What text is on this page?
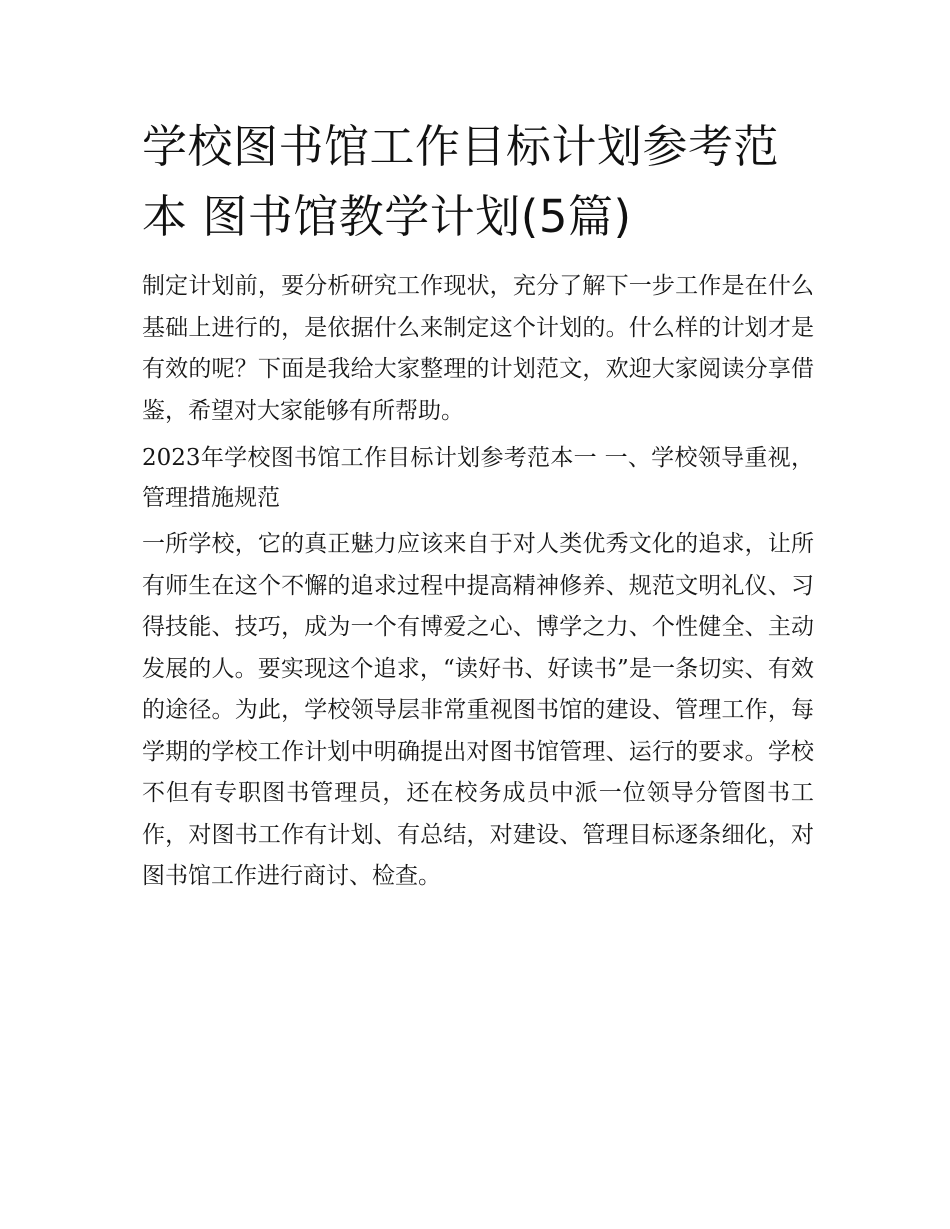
学校图书馆工作目标计划参考范本 图书馆教学计划(5篇)

制定计划前，要分析研究工作现状，充分了解下一步工作是在什么基础上进行的，是依据什么来制定这个计划的。什么样的计划才是有效的呢？下面是我给大家整理的计划范文，欢迎大家阅读分享借鉴，希望对大家能够有所帮助。

2023年学校图书馆工作目标计划参考范本一 一、学校领导重视，管理措施规范

一所学校，它的真正魅力应该来自于对人类优秀文化的追求，让所有师生在这个不懈的追求过程中提高精神修养、规范文明礼仪、习得技能、技巧，成为一个有博爱之心、博学之力、个性健全、主动发展的人。要实现这个追求，“读好书、好读书”是一条切实、有效的途径。为此，学校领导层非常重视图书馆的建设、管理工作，每学期的学校工作计划中明确提出对图书馆管理、运行的要求。学校不但有专职图书管理员，还在校务成员中派一位领导分管图书工作，对图书工作有计划、有总结，对建设、管理目标逐条细化，对图书馆工作进行商讨、检查。
